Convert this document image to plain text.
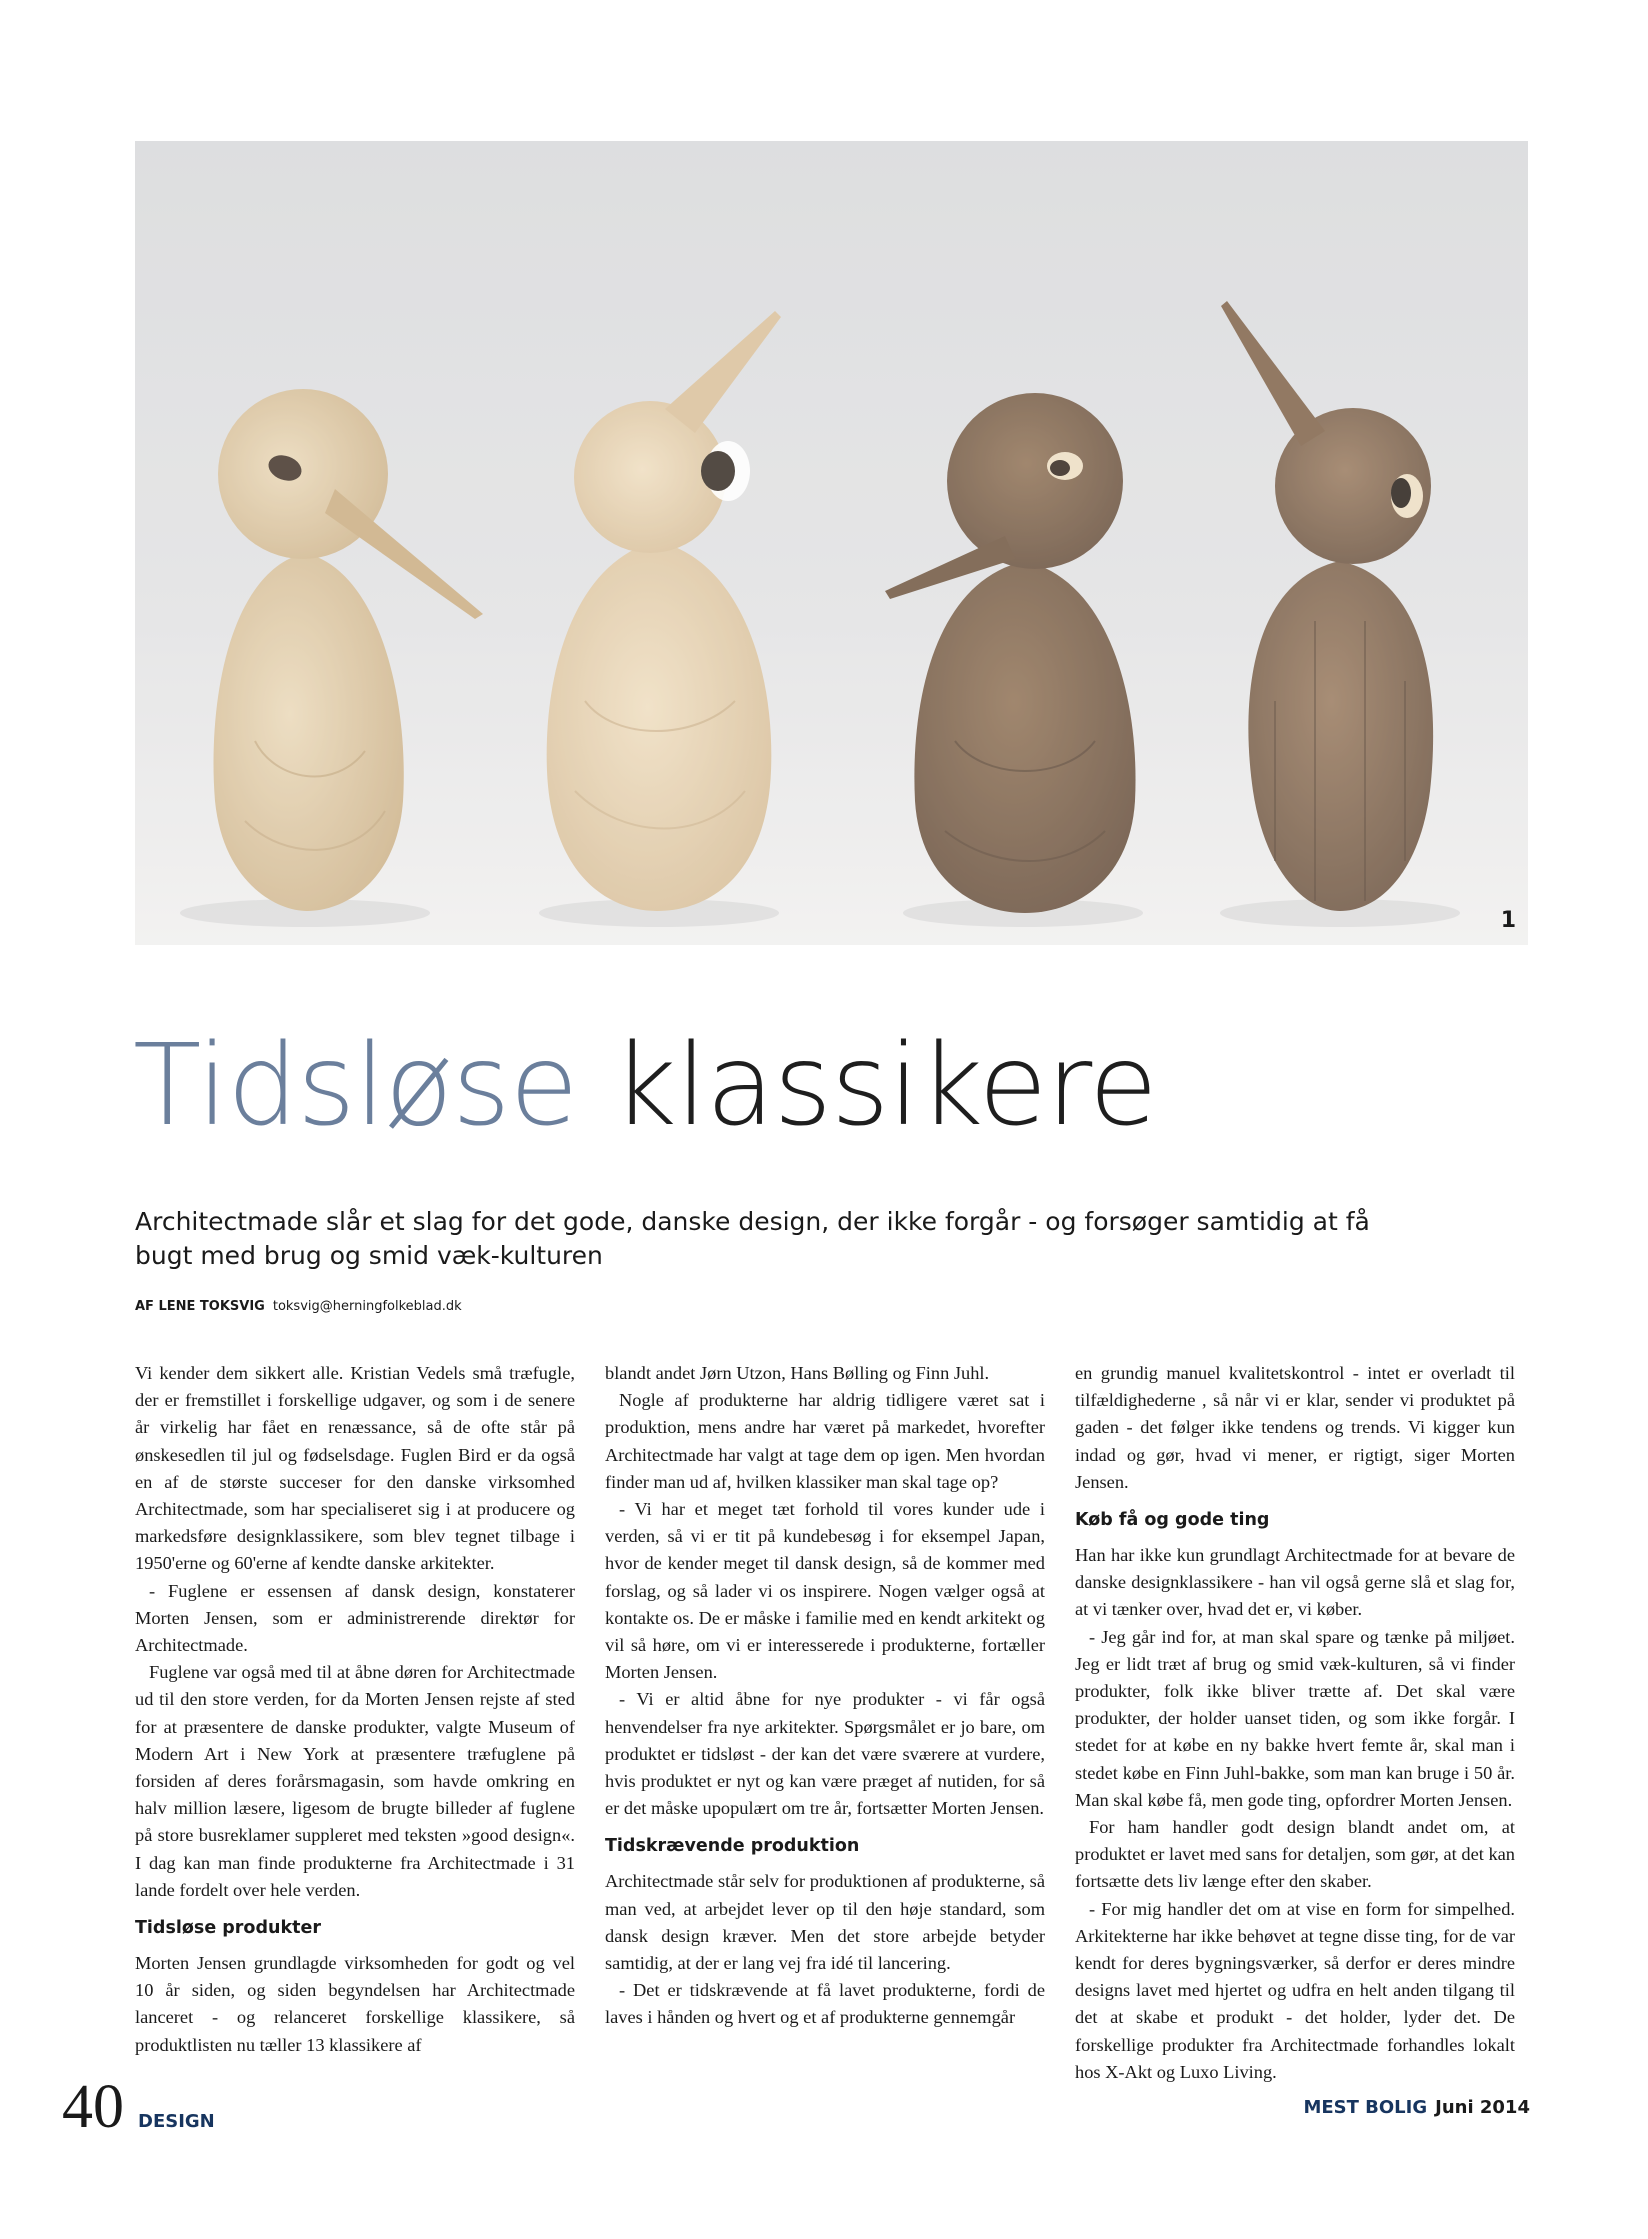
1
Tidsløse klassikere

Architectmade slår et slag for det gode, danske design, der ikke forgår - og forsøger samtidig at få bugt med brug og smid væk-kulturen

AF LENE TOKSVIG toksvig@herningfolkeblad.dk

Vi kender dem sikkert alle. Kristian Vedels små træfugle, der er fremstillet i forskellige udgaver, og som i de senere år virkelig har fået en renæssance, så de ofte står på ønskesedlen til jul og fødselsdage. Fuglen Bird er da også en af de største succeser for den danske virksomhed Architectmade, som har specialiseret sig i at producere og markedsføre designklassikere, som blev tegnet tilbage i 1950'erne og 60'erne af kendte danske arkitekter.

- Fuglene er essensen af dansk design, konstaterer Morten Jensen, som er administrerende direktør for Architectmade.

Fuglene var også med til at åbne døren for Architectmade ud til den store verden, for da Morten Jensen rejste af sted for at præsentere de danske produkter, valgte Museum of Modern Art i New York at præsentere træfuglene på forsiden af deres forårsmagasin, som havde omkring en halv million læsere, ligesom de brugte billeder af fuglene på store busreklamer suppleret med teksten »good design«. I dag kan man finde produkterne fra Architectmade i 31 lande fordelt over hele verden.

Tidsløse produkter

Morten Jensen grundlagde virksomheden for godt og vel 10 år siden, og siden begyndelsen har Architectmade lanceret - og relanceret forskellige klassikere, så produktlisten nu tæller 13 klassikere af

blandt andet Jørn Utzon, Hans Bølling og Finn Juhl.

Nogle af produkterne har aldrig tidligere været sat i produktion, mens andre har været på markedet, hvorefter Architectmade har valgt at tage dem op igen. Men hvordan finder man ud af, hvilken klassiker man skal tage op?

- Vi har et meget tæt forhold til vores kunder ude i verden, så vi er tit på kundebesøg i for eksempel Japan, hvor de kender meget til dansk design, så de kommer med forslag, og så lader vi os inspirere. Nogen vælger også at kontakte os. De er måske i familie med en kendt arkitekt og vil så høre, om vi er interesserede i produkterne, fortæller Morten Jensen.

- Vi er altid åbne for nye produkter - vi får også henvendelser fra nye arkitekter. Spørgsmålet er jo bare, om produktet er tidsløst - der kan det være sværere at vurdere, hvis produktet er nyt og kan være præget af nutiden, for så er det måske upopulært om tre år, fortsætter Morten Jensen.

Tidskrævende produktion

Architectmade står selv for produktionen af produkterne, så man ved, at arbejdet lever op til den høje standard, som dansk design kræver. Men det store arbejde betyder samtidig, at der er lang vej fra idé til lancering.

- Det er tidskrævende at få lavet produkterne, fordi de laves i hånden og hvert og et af produkterne gennemgår

en grundig manuel kvalitetskontrol - intet er overladt til tilfældighederne , så når vi er klar, sender vi produktet på gaden - det følger ikke tendens og trends. Vi kigger kun indad og gør, hvad vi mener, er rigtigt, siger Morten Jensen.

Køb få og gode ting

Han har ikke kun grundlagt Architectmade for at bevare de danske designklassikere - han vil også gerne slå et slag for, at vi tænker over, hvad det er, vi køber.

- Jeg går ind for, at man skal spare og tænke på miljøet. Jeg er lidt træt af brug og smid væk-kulturen, så vi finder produkter, folk ikke bliver trætte af. Det skal være produkter, der holder uanset tiden, og som ikke forgår. I stedet for at købe en ny bakke hvert femte år, skal man i stedet købe en Finn Juhl-bakke, som man kan bruge i 50 år. Man skal købe få, men gode ting, opfordrer Morten Jensen.

For ham handler godt design blandt andet om, at produktet er lavet med sans for detaljen, som gør, at det kan fortsætte dets liv længe efter den skaber.

- For mig handler det om at vise en form for simpelhed. Arkitekterne har ikke behøvet at tegne disse ting, for de var kendt for deres bygningsværker, så derfor er deres mindre designs lavet med hjertet og udfra en helt anden tilgang til det at skabe et produkt - det holder, lyder det. De forskellige produkter fra Architectmade forhandles lokalt hos X-Akt og Luxo Living.

40 DESIGN
MEST BOLIG Juni 2014
